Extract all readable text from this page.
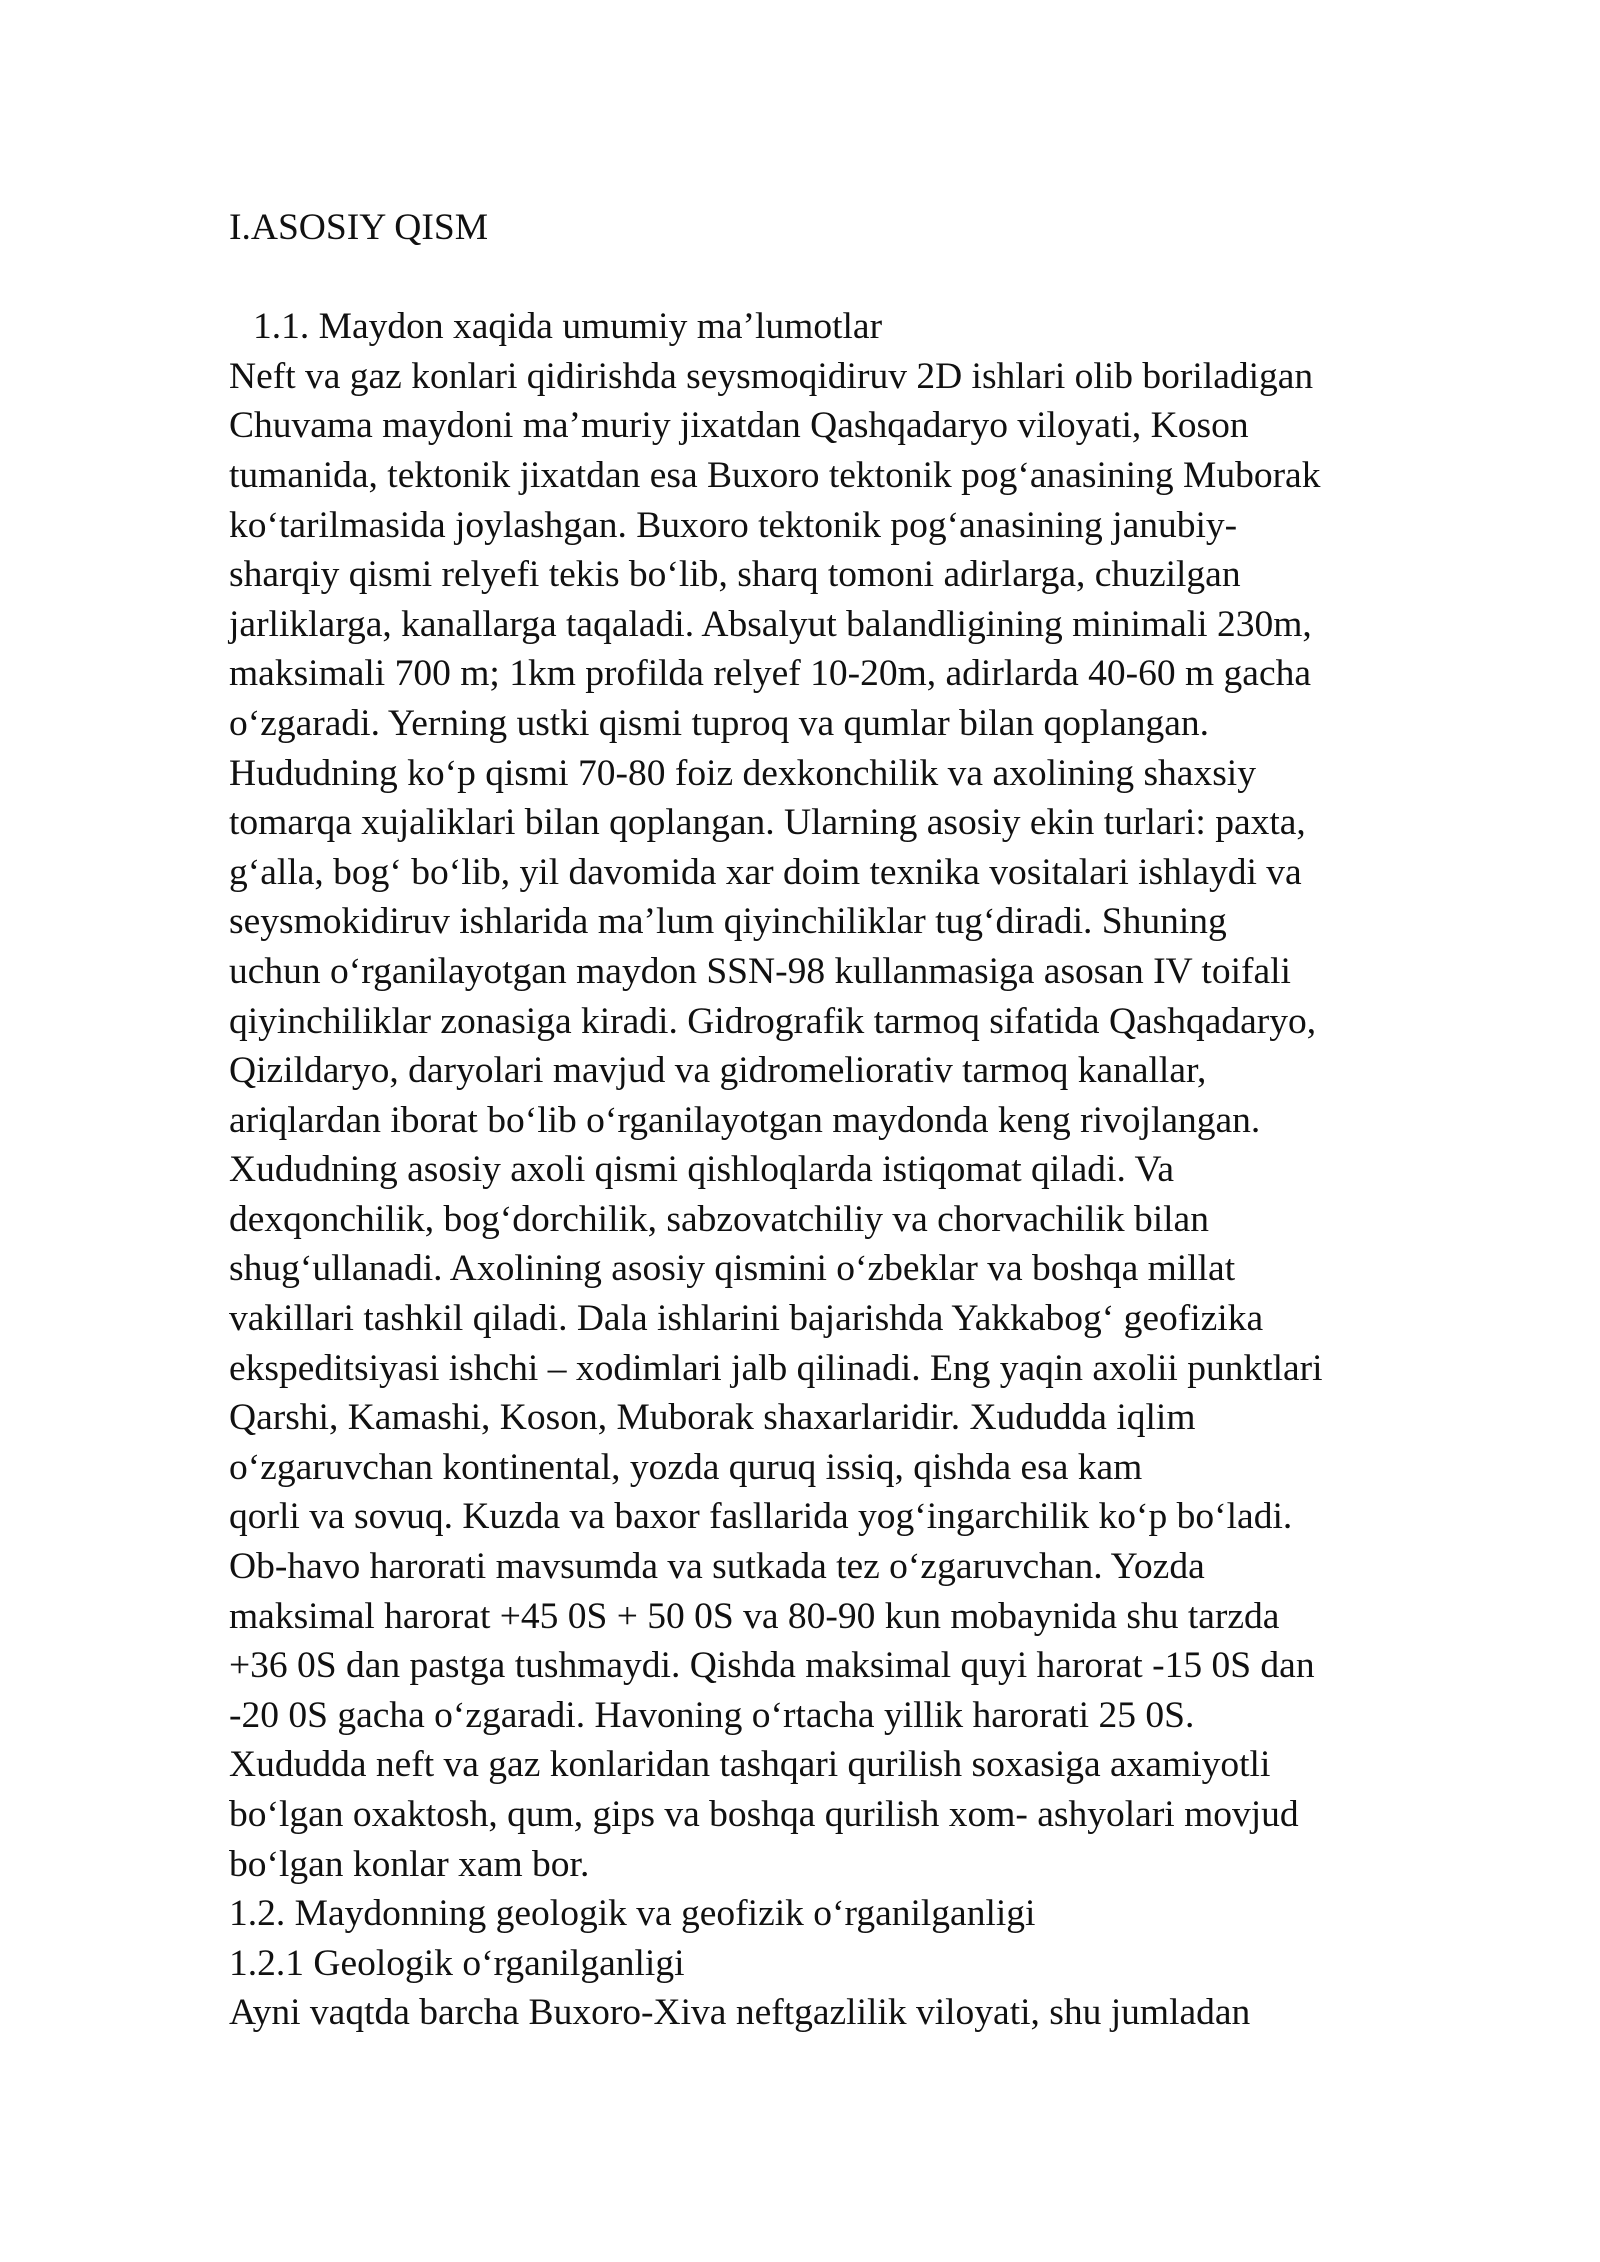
I.ASOSIY QISM

1.1. Maydon xaqida umumiy ma’lumotlar

Neft va gaz konlari qidirishda seysmoqidiruv 2D ishlari olib boriladigan

Chuvama maydoni ma’muriy jixatdan Qashqadaryo viloyati, Koson

tumanida, tektonik jixatdan esa Buxoro tektonik pog‘anasining Muborak

ko‘tarilmasida joylashgan. Buxoro tektonik pog‘anasining janubiy-

sharqiy qismi relyefi tekis bo‘lib, sharq tomoni adirlarga, chuzilgan

jarliklarga, kanallarga taqaladi. Absalyut balandligining minimali 230m,

maksimali 700 m; 1km profilda relyef 10-20m, adirlarda 40-60 m gacha

o‘zgaradi. Yerning ustki qismi tuproq va qumlar bilan qoplangan.

Hududning ko‘p qismi 70-80 foiz dexkonchilik va axolining shaxsiy

tomarqa xujaliklari bilan qoplangan. Ularning asosiy ekin turlari: paxta,

g‘alla, bog‘ bo‘lib, yil davomida xar doim texnika vositalari ishlaydi va

seysmokidiruv ishlarida ma’lum qiyinchiliklar tug‘diradi. Shuning

uchun o‘rganilayotgan maydon SSN-98 kullanmasiga asosan IV toifali

qiyinchiliklar zonasiga kiradi. Gidrografik tarmoq sifatida Qashqadaryo,

Qizildaryo, daryolari mavjud va gidromeliorativ tarmoq kanallar,

ariqlardan iborat bo‘lib o‘rganilayotgan maydonda keng rivojlangan.

Xududning asosiy axoli qismi qishloqlarda istiqomat qiladi. Va

dexqonchilik, bog‘dorchilik, sabzovatchiliy va chorvachilik bilan

shug‘ullanadi. Axolining asosiy qismini o‘zbeklar va boshqa millat

vakillari tashkil qiladi. Dala ishlarini bajarishda Yakkabog‘ geofizika

ekspeditsiyasi ishchi – xodimlari jalb qilinadi. Eng yaqin axolii punktlari

Qarshi, Kamashi, Koson, Muborak shaxarlaridir. Xududda iqlim

o‘zgaruvchan kontinental, yozda quruq issiq, qishda esa kam

qorli va sovuq. Kuzda va baxor fasllarida yog‘ingarchilik ko‘p bo‘ladi.

Ob-havo harorati mavsumda va sutkada tez o‘zgaruvchan. Yozda

maksimal harorat +45 0S + 50 0S va 80-90 kun mobaynida shu tarzda

+36 0S dan pastga tushmaydi. Qishda maksimal quyi harorat -15 0S dan

-20 0S gacha o‘zgaradi. Havoning o‘rtacha yillik harorati 25 0S.

Xududda neft va gaz konlaridan tashqari qurilish soxasiga axamiyotli

bo‘lgan oxaktosh, qum, gips va boshqa qurilish xom- ashyolari movjud

bo‘lgan konlar xam bor.

1.2. Maydonning geologik va geofizik o‘rganilganligi

1.2.1 Geologik o‘rganilganligi

Ayni vaqtda barcha Buxoro-Xiva neftgazlilik viloyati, shu jumladan
